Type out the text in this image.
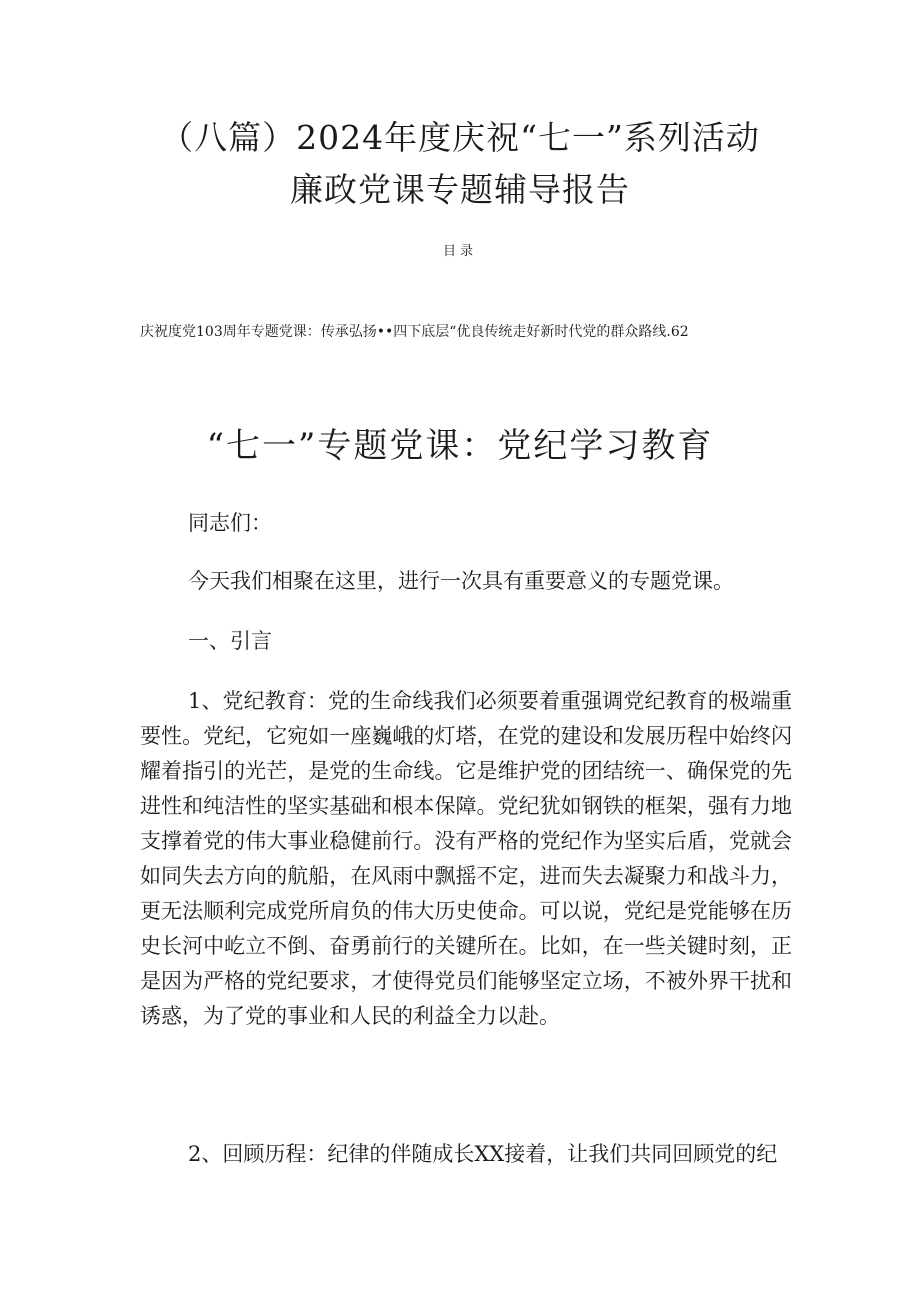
（八篇）2024年度庆祝“七一”系列活动
廉政党课专题辅导报告
目录
庆祝度党103周年专题党课：传承弘扬••四下底层“优良传统走好新时代党的群众路线.62
“七一”专题党课：党纪学习教育
同志们：
今天我们相聚在这里，进行一次具有重要意义的专题党课。
一、引言
1、党纪教育：党的生命线我们必须要着重强调党纪教育的极端重要性。党纪，它宛如一座巍峨的灯塔，在党的建设和发展历程中始终闪耀着指引的光芒，是党的生命线。它是维护党的团结统一、确保党的先进性和纯洁性的坚实基础和根本保障。党纪犹如钢铁的框架，强有力地支撑着党的伟大事业稳健前行。没有严格的党纪作为坚实后盾，党就会如同失去方向的航船，在风雨中飘摇不定，进而失去凝聚力和战斗力，更无法顺利完成党所肩负的伟大历史使命。可以说，党纪是党能够在历史长河中屹立不倒、奋勇前行的关键所在。比如，在一些关键时刻，正是因为严格的党纪要求，才使得党员们能够坚定立场，不被外界干扰和诱惑，为了党的事业和人民的利益全力以赴。
2、回顾历程：纪律的伴随成长XX接着，让我们共同回顾党的纪
